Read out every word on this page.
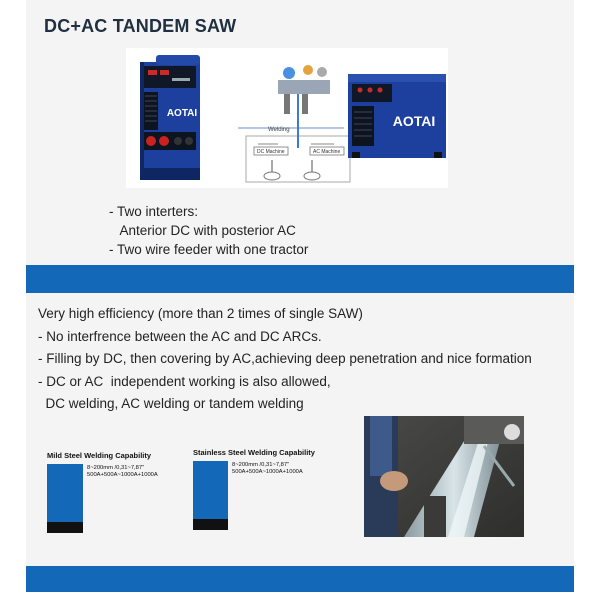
DC+AC TANDEM SAW
AOTAI
Welding
DC Machine	AC Machine
AOTAI
- Two interters:
Anterior DC with posterior AC
- Two wire feeder with one tractor
Very high efficiency (more than 2 times of single SAW)
- No interfrence between the AC and DC ARCs.
- Filling by DC, then covering by AC,achieving deep penetration and nice formation
- DC or AC  independent working is also allowed,
DC welding, AC welding or tandem welding
Mild Steel Welding Capability
8~200mm /0,31~7,87"
500A+500A~1000A+1000A
Stainless Steel Welding Capability
8~200mm /0,31~7,87"
500A+500A~1000A+1000A
